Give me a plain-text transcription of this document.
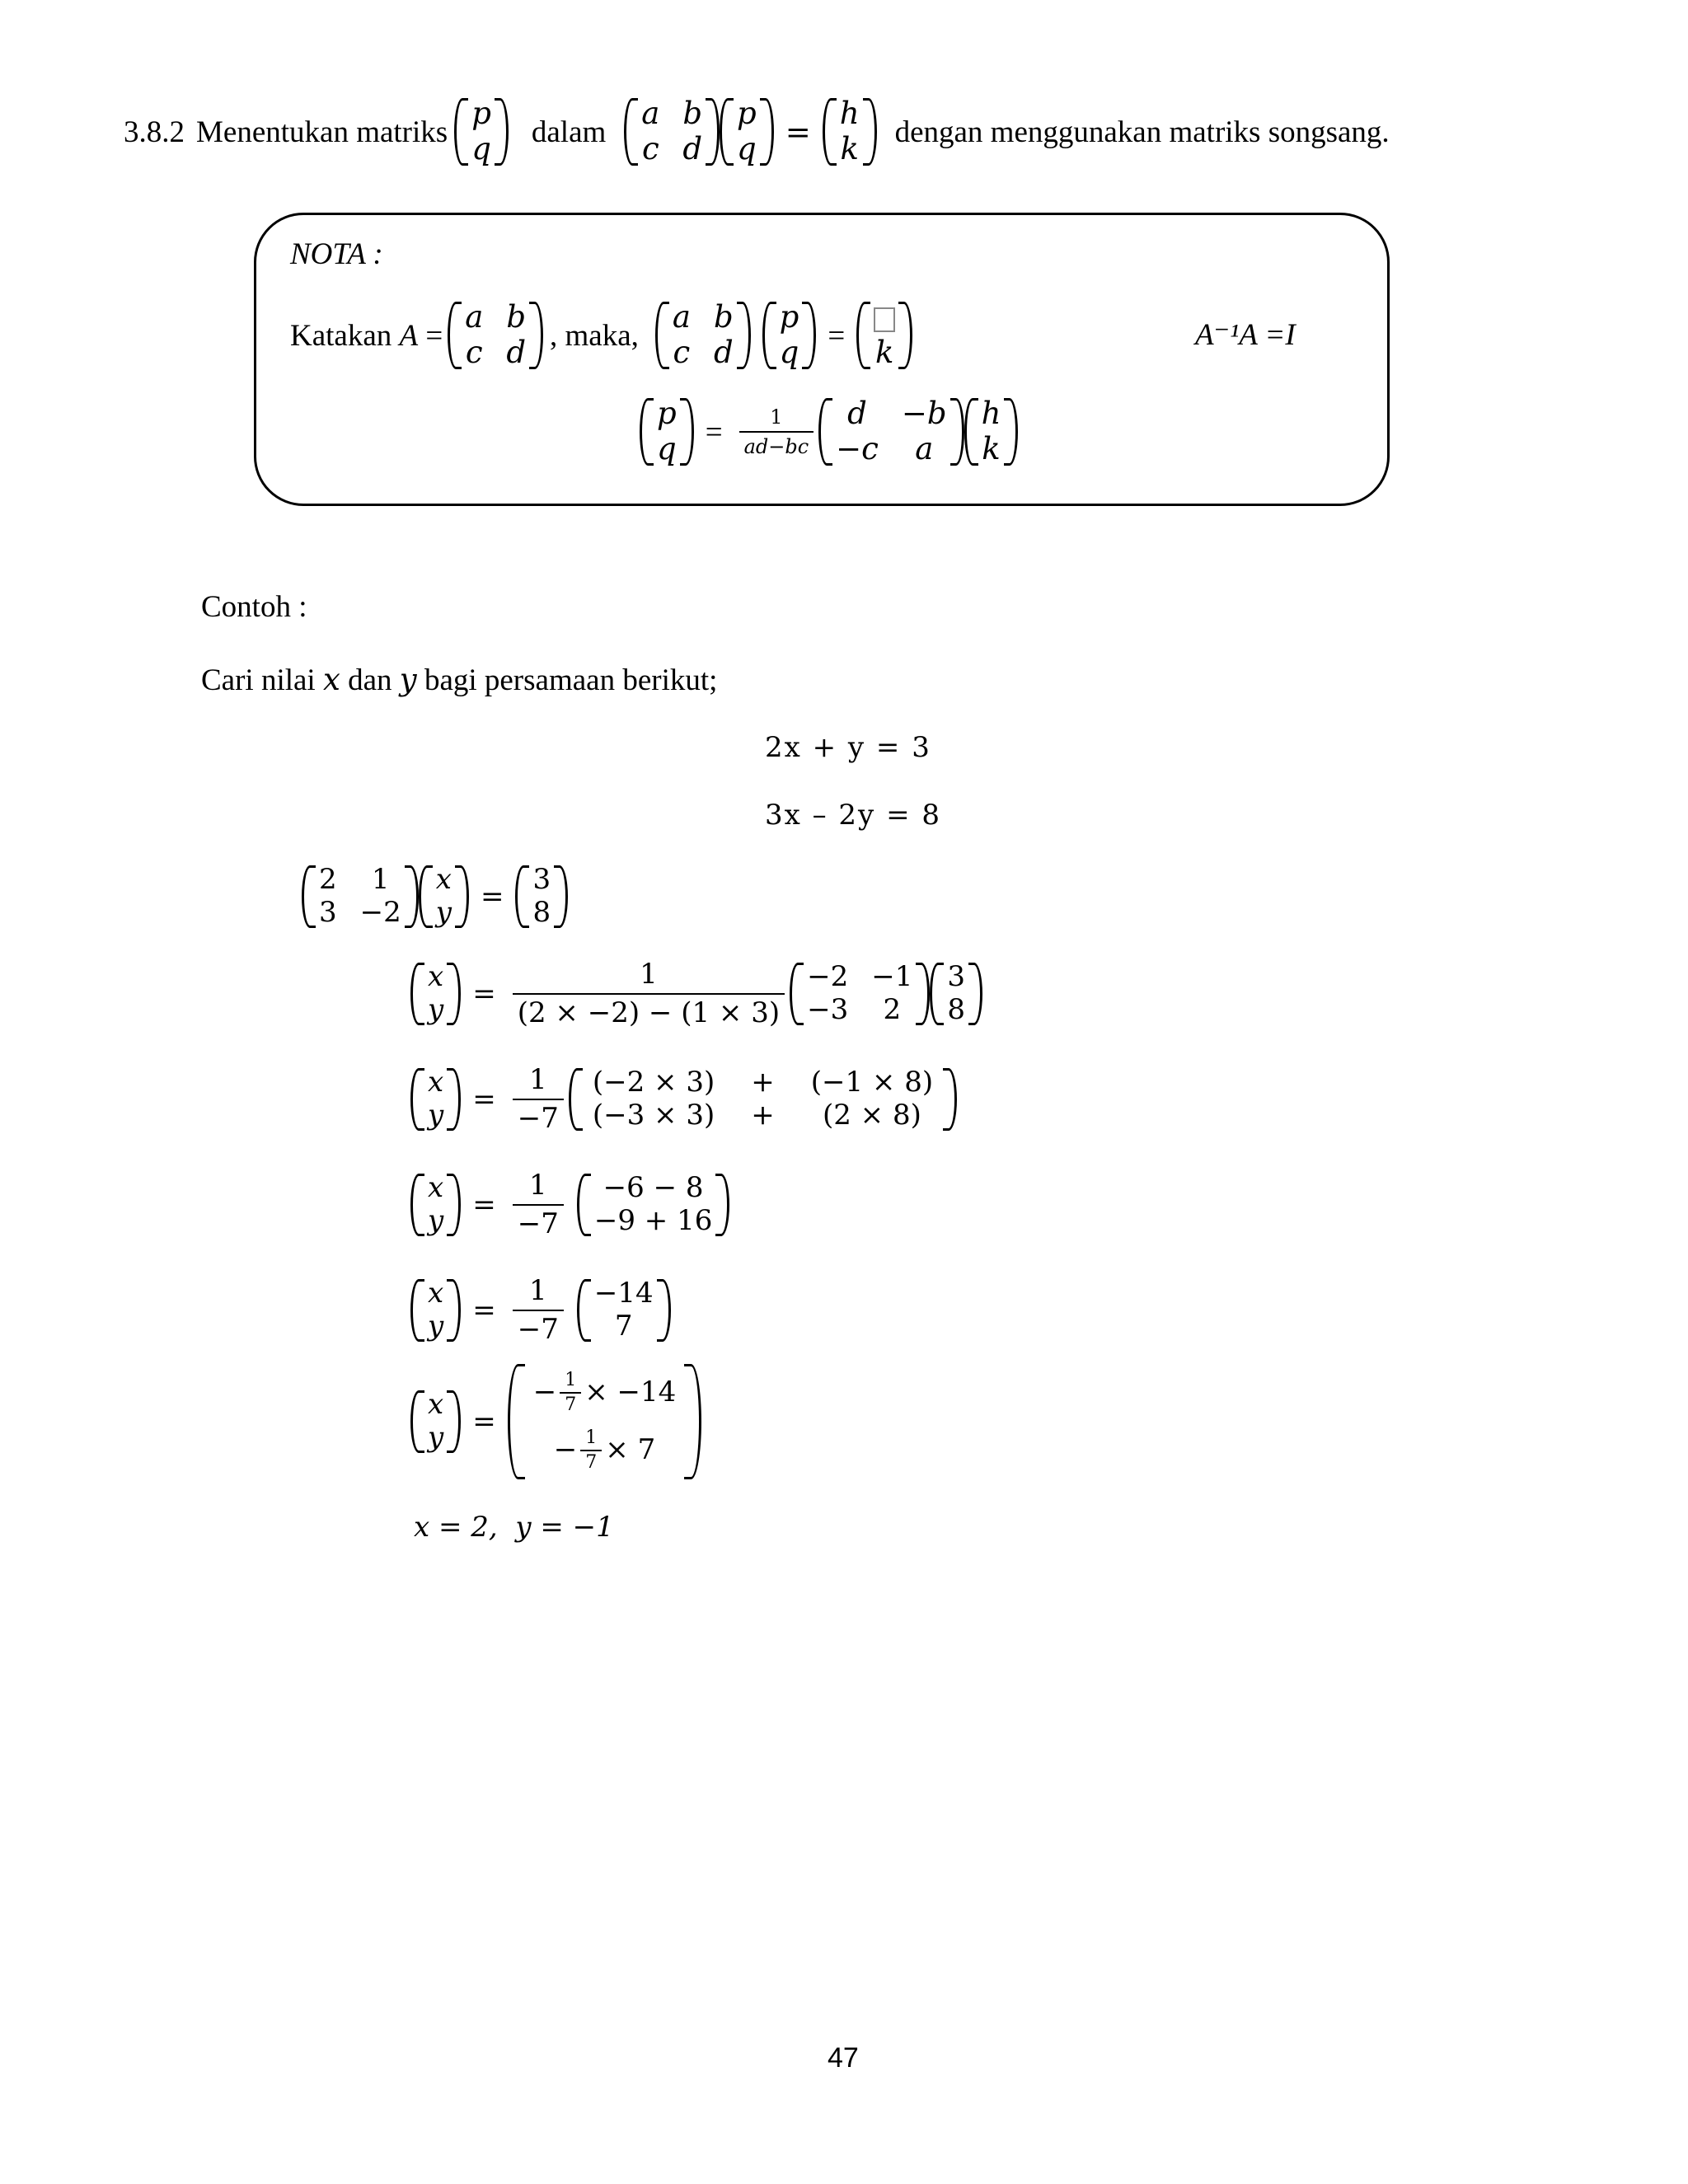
3.8.2 Menentukan matriks
p
q dalam
a b
c d
p
q =
h
k dengan menggunakan matriks songsang.
NOTA :
Katakan A =
a b
c d , maka,
a b
c d
p
q = k	A⁻¹A =I
p
$q = \frac{1}{ad-bc}$	d	−b
−c	a
h
k
Contoh :
Cari nilai x dan y bagi persamaan berikut;
2x + y = 3
3x – 2y = 8
2	1
3 −2
x
y =
3
8
x
$y = \frac{1}{(2 \times -2) - (1 \times 3)} -2 -1$
−3	2
3
8
x
$y = \frac{1}{-7} (-2 \times 3) + (-1 \times 8)$
(−3 × 3) +	(2 × 8)
x
$y = \frac{1}{-7}$	−6 − 8
−9 + 16
x
$y = \frac{1}{-7} -14$
7
x
y =
− $\frac{1}{7} \times -14$
− $\frac{1}{7} \times 7$
x = 2,  y = −1
47
